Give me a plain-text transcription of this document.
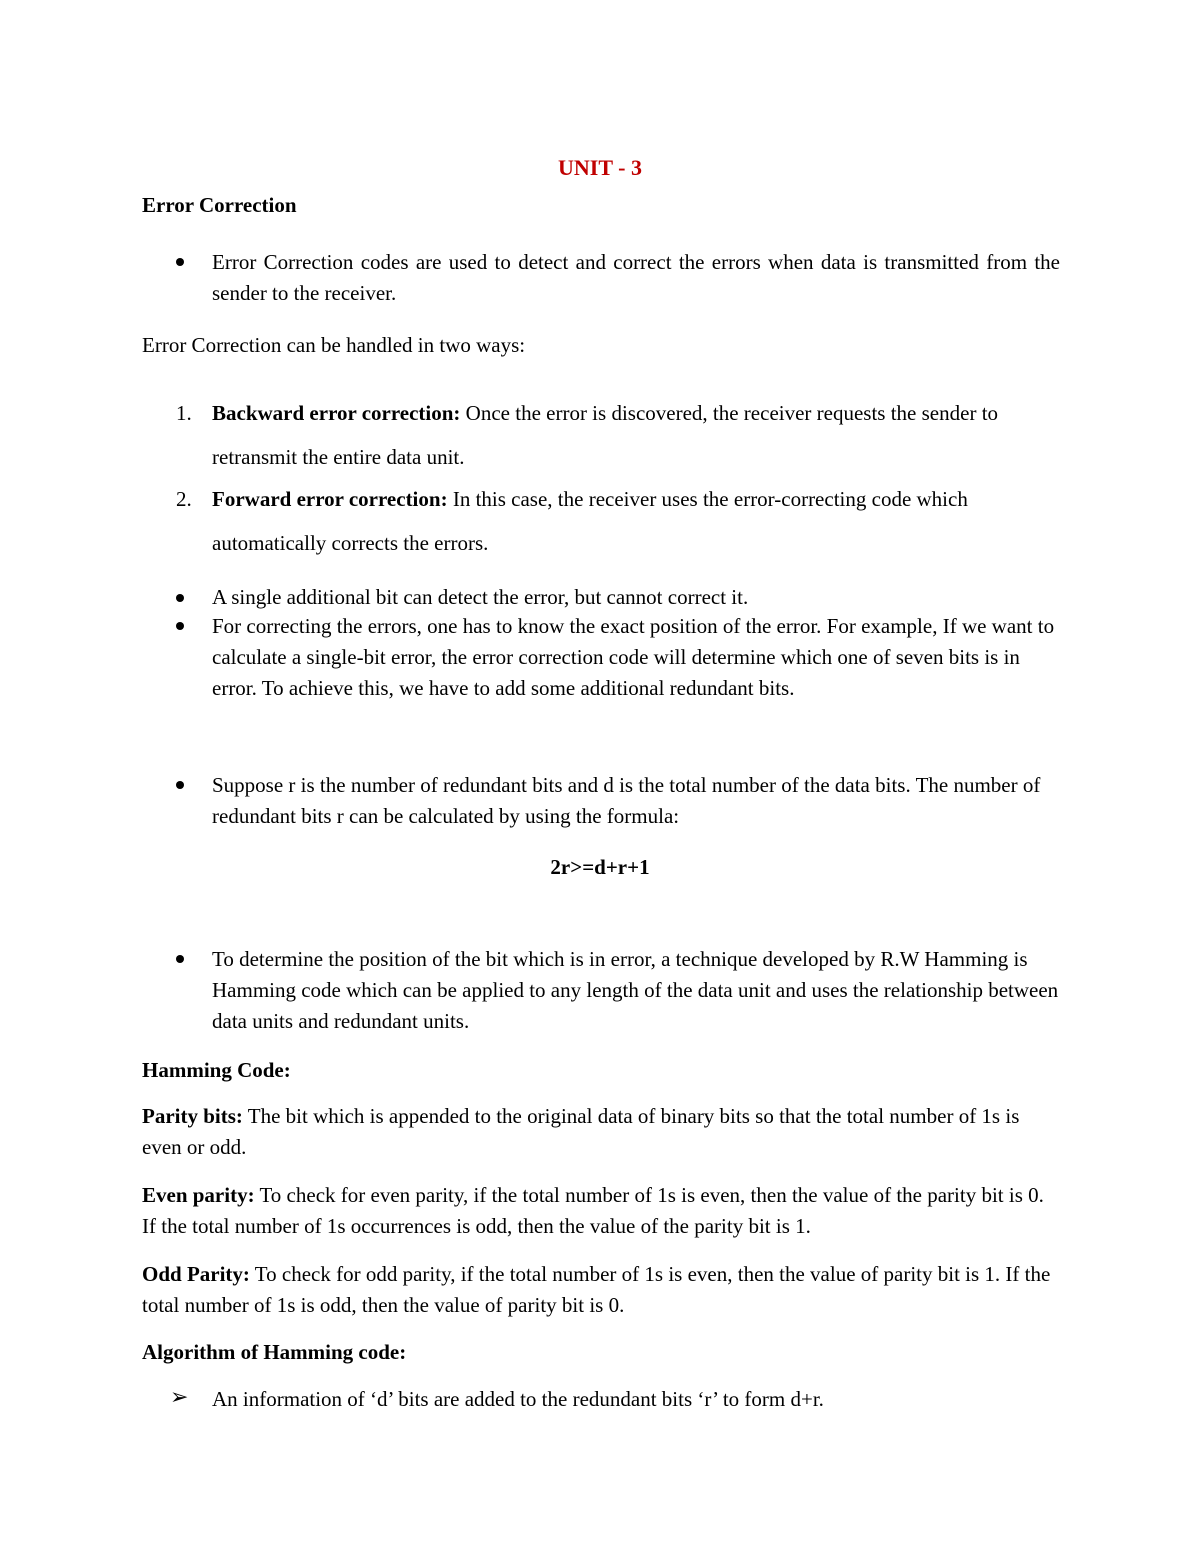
UNIT - 3
Error Correction
Error Correction codes are used to detect and correct the errors when data is transmitted from the sender to the receiver.
Error Correction can be handled in two ways:
1. Backward error correction: Once the error is discovered, the receiver requests the sender to retransmit the entire data unit.
2. Forward error correction: In this case, the receiver uses the error-correcting code which automatically corrects the errors.
A single additional bit can detect the error, but cannot correct it.
For correcting the errors, one has to know the exact position of the error. For example, If we want to calculate a single-bit error, the error correction code will determine which one of seven bits is in error. To achieve this, we have to add some additional redundant bits.
Suppose r is the number of redundant bits and d is the total number of the data bits. The number of redundant bits r can be calculated by using the formula:
2r>=d+r+1
To determine the position of the bit which is in error, a technique developed by R.W Hamming is Hamming code which can be applied to any length of the data unit and uses the relationship between data units and redundant units.
Hamming Code:
Parity bits: The bit which is appended to the original data of binary bits so that the total number of 1s is even or odd.
Even parity: To check for even parity, if the total number of 1s is even, then the value of the parity bit is 0. If the total number of 1s occurrences is odd, then the value of the parity bit is 1.
Odd Parity: To check for odd parity, if the total number of 1s is even, then the value of parity bit is 1. If the total number of 1s is odd, then the value of parity bit is 0.
Algorithm of Hamming code:
➢ An information of ‘d’ bits are added to the redundant bits ‘r’ to form d+r.
